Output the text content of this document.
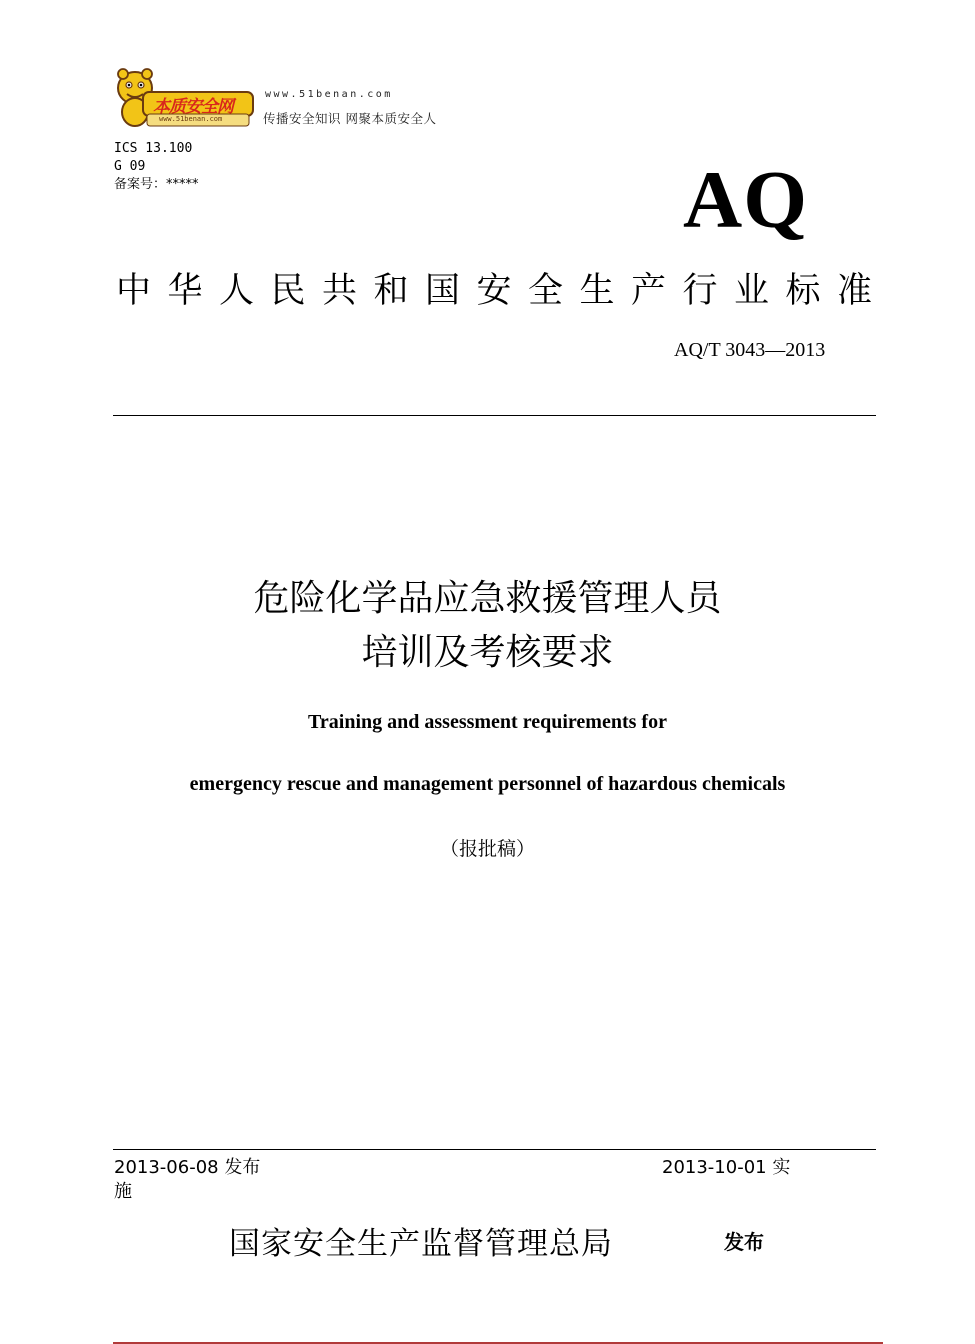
本质安全网
www.51benan.com
www.51benan.com
传播安全知识 网聚本质安全人
ICS 13.100
G 09
备案号：*****	AQ
中华人民共和国安全生产行业标准
AQ/T 3043—2013
危险化学品应急救援管理人员
培训及考核要求
Training and assessment requirements for
emergency rescue and management personnel of hazardous chemicals
（报批稿）
2013-06-08 发布	2013-10-01 实
施
国家安全生产监督管理总局	发布
